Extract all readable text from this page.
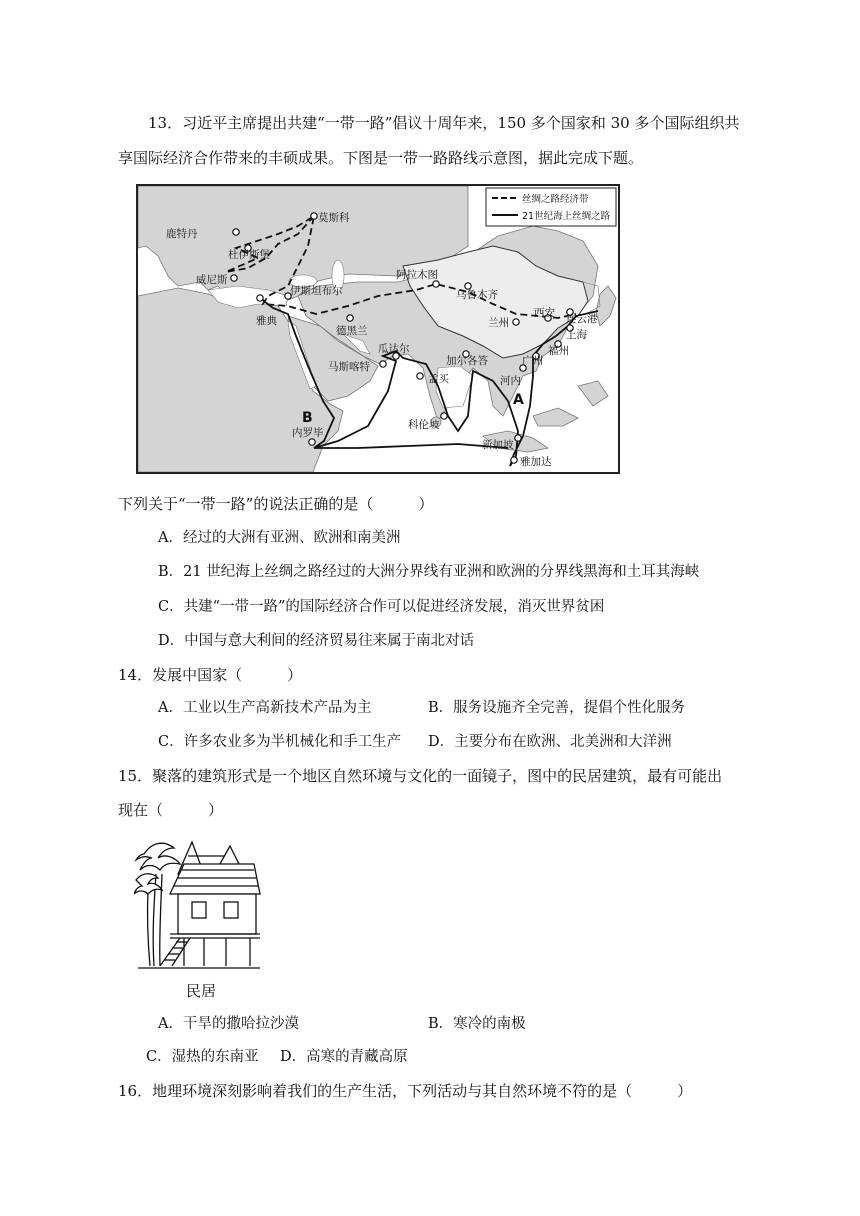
13．习近平主席提出共建“一带一路”倡议十周年来，150 多个国家和 30 多个国际组织共
享国际经济合作带来的丰硕成果。下图是一带一路路线示意图，据此完成下题。
莫斯科
鹿特丹
杜伊斯堡
威尼斯
伊斯坦布尔
雅典
德黑兰
阿拉木图
乌鲁木齐
兰州
西安 连云港
上海
福州
广州
河内
加尔各答
瓜达尔
马斯喀特
孟买
科伦坡
新加坡
雅加达
内罗毕
A
B
丝绸之路经济带
21世纪海上丝绸之路
下列关于“一带一路”的说法正确的是（　　　）
A．经过的大洲有亚洲、欧洲和南美洲
B．21 世纪海上丝绸之路经过的大洲分界线有亚洲和欧洲的分界线黑海和土耳其海峡
C．共建“一带一路”的国际经济合作可以促进经济发展，消灭世界贫困
D．中国与意大利间的经济贸易往来属于南北对话
14．发展中国家（　　　）
A．工业以生产高新技术产品为主	B．服务设施齐全完善，提倡个性化服务
C．许多农业多为半机械化和手工生产 D．主要分布在欧洲、北美洲和大洋洲
15．聚落的建筑形式是一个地区自然环境与文化的一面镜子，图中的民居建筑，最有可能出
现在（　　　）
民居
A．干旱的撒哈拉沙漠	B．寒冷的南极
C．湿热的东南亚 D．高寒的青藏高原
16．地理环境深刻影响着我们的生产生活，下列活动与其自然环境不符的是（　　　）
